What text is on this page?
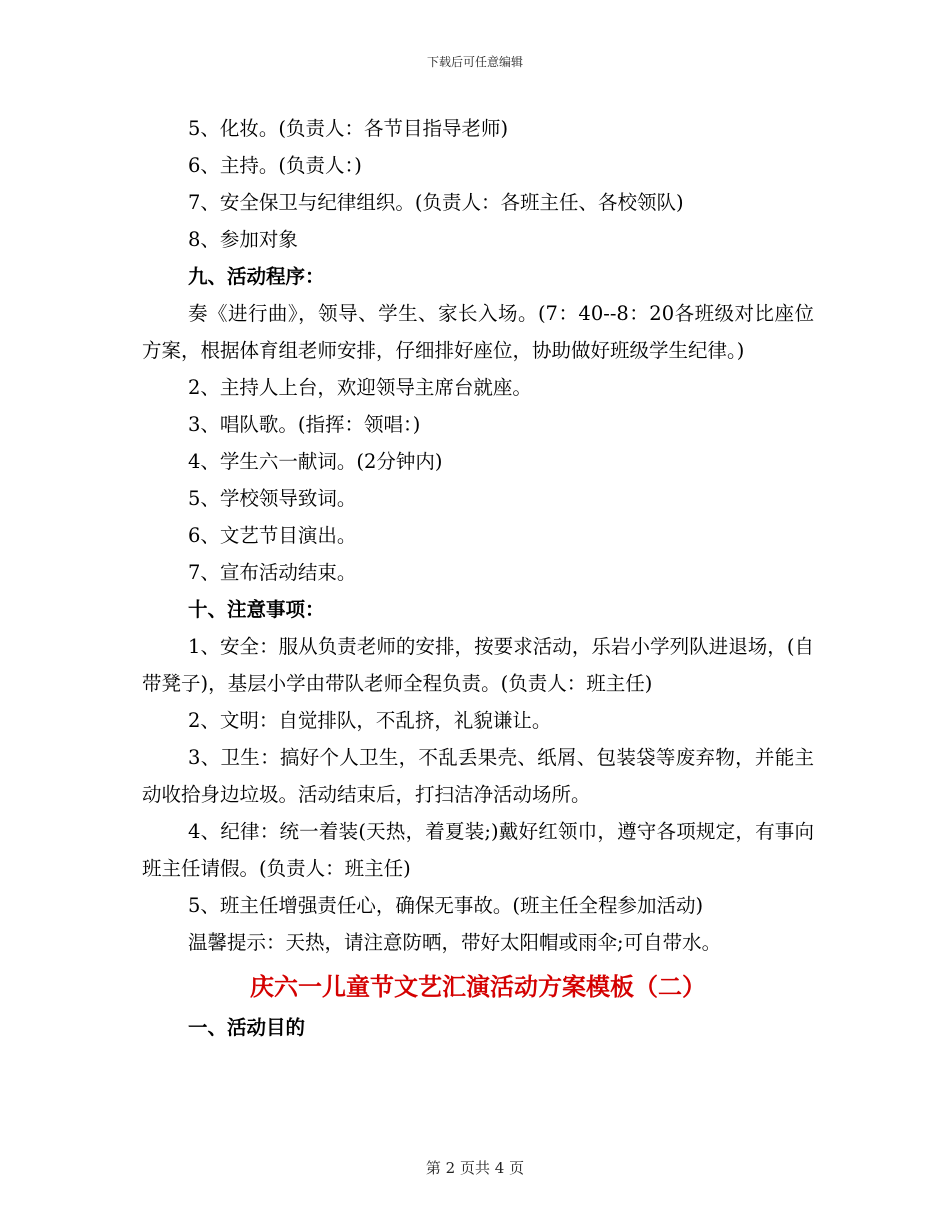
下载后可任意编辑

5、化妆。(负责人：各节目指导老师)

6、主持。(负责人：)

7、安全保卫与纪律组织。(负责人：各班主任、各校领队)

8、参加对象

九、活动程序：

奏《进行曲》，领导、学生、家长入场。(7：40--8：20各班级对比座位方案，根据体育组老师安排，仔细排好座位，协助做好班级学生纪律。)

2、主持人上台，欢迎领导主席台就座。

3、唱队歌。(指挥：领唱：)

4、学生六一献词。(2分钟内)

5、学校领导致词。

6、文艺节目演出。

7、宣布活动结束。

十、注意事项：

1、安全：服从负责老师的安排，按要求活动，乐岩小学列队进退场，(自带凳子)，基层小学由带队老师全程负责。(负责人：班主任)

2、文明：自觉排队，不乱挤，礼貌谦让。

3、卫生：搞好个人卫生，不乱丢果壳、纸屑、包装袋等废弃物，并能主动收拾身边垃圾。活动结束后，打扫洁净活动场所。

4、纪律：统一着装(天热，着夏装;)戴好红领巾，遵守各项规定，有事向班主任请假。(负责人：班主任)

5、班主任增强责任心，确保无事故。(班主任全程参加活动)

温馨提示：天热，请注意防晒，带好太阳帽或雨伞;可自带水。

庆六一儿童节文艺汇演活动方案模板（二）

一、活动目的

第 2 页共 4 页
